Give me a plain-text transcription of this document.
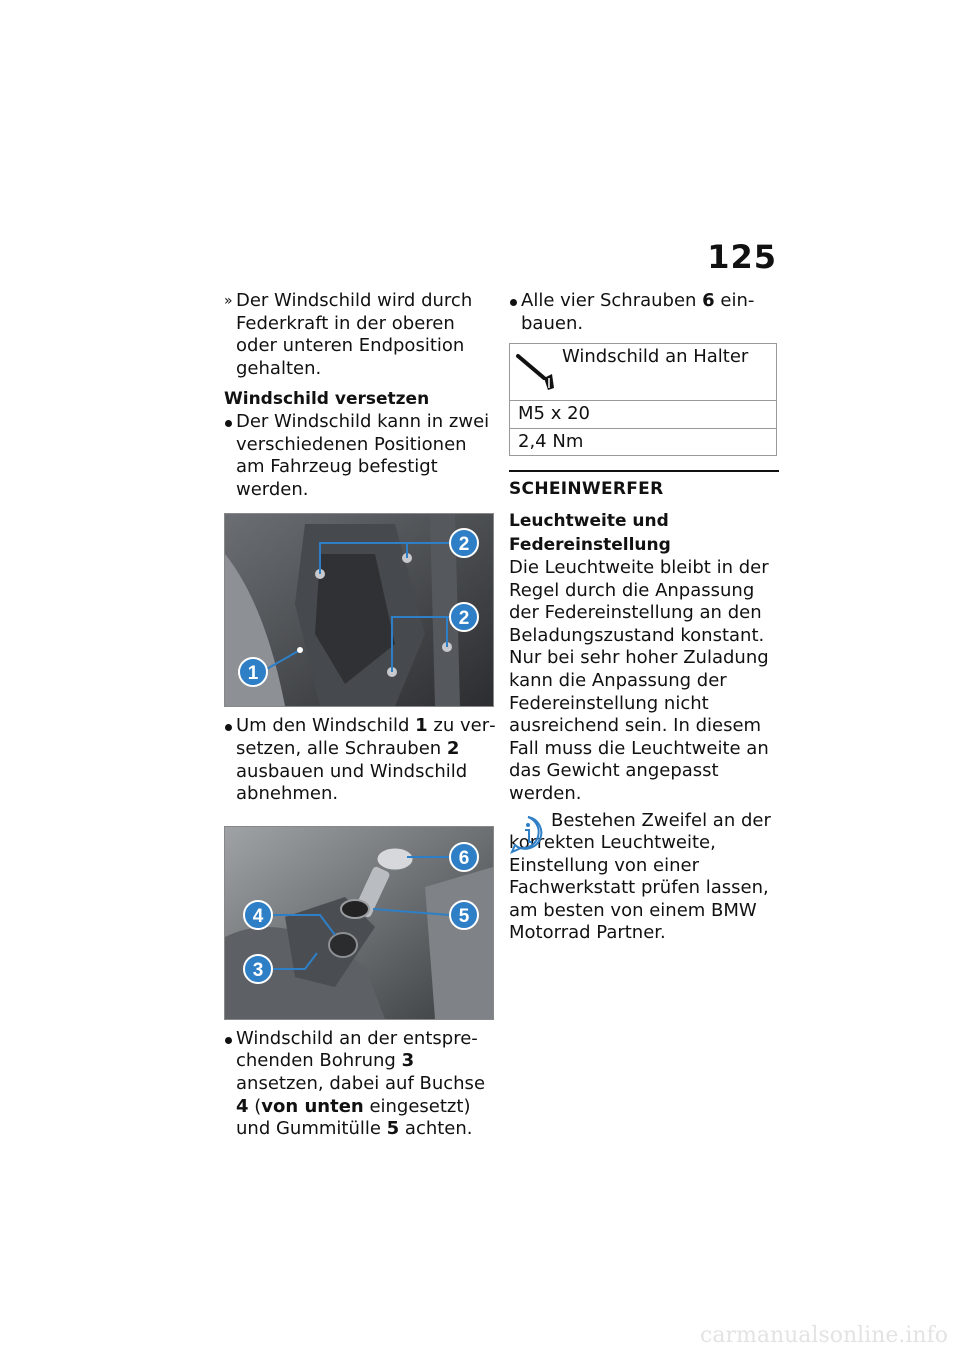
125
» Der Windschild wird durch Federkraft in der oberen oder unteren Endposition gehalten.

Windschild versetzen

Der Windschild kann in zwei verschiedenen Positionen am Fahrzeug befestigt werden.

2
2
1

Um den Windschild 1 zu versetzen, alle Schrauben 2 ausbauen und Windschild abnehmen.

6
5
4
3

Windschild an der entsprechenden Bohrung 3 ansetzen, dabei auf Buchse 4 (von unten eingesetzt) und Gummitülle 5 achten.

Alle vier Schrauben 6 einbauen.

Windschild an Halter
M5 x 20
2,4 Nm

SCHEINWERFER

Leuchtweite und Federeinstellung

Die Leuchtweite bleibt in der Regel durch die Anpassung der Federeinstellung an den Beladungszustand konstant.

Nur bei sehr hoher Zuladung kann die Anpassung der Federeinstellung nicht ausreichend sein. In diesem Fall muss die Leuchtweite an das Gewicht angepasst werden.

Bestehen Zweifel an der korrekten Leuchtweite, Einstellung von einer Fachwerkstatt prüfen lassen, am besten von einem BMW Motorrad Partner.

carmanualsonline.info
